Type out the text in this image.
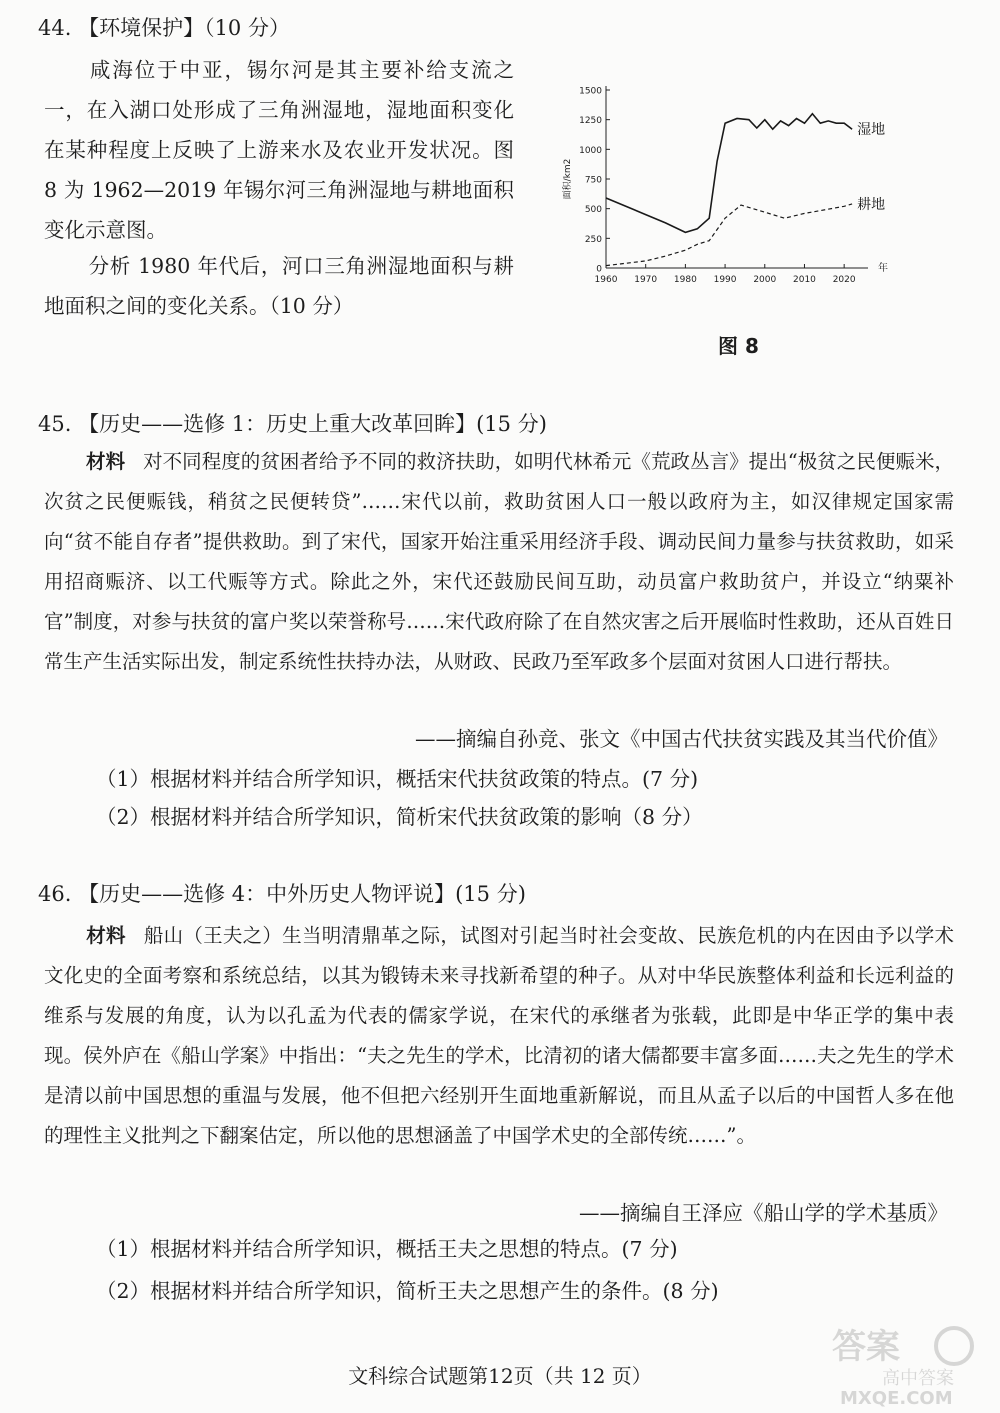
44. 【环境保护】（10 分）
咸海位于中亚，锡尔河是其主要补给支流之一，在入湖口处形成了三角洲湿地，湿地面积变化在某种程度上反映了上游来水及农业开发状况。图 8 为 1962—2019 年锡尔河三角洲湿地与耕地面积变化示意图。
分析 1980 年代后，河口三角洲湿地面积与耕地面积之间的变化关系。（10 分）
0
250
500
750
1000
1250
1500
1960 1970 1980 1990 2000 2010 2020
年
面积/km2
湿地
耕地
图 8
45. 【历史——选修 1：历史上重大改革回眸】(15 分)
材料 对不同程度的贫困者给予不同的救济扶助，如明代林希元《荒政丛言》提出“极贫之民便赈米，次贫之民便赈钱，稍贫之民便转贷”……宋代以前，救助贫困人口一般以政府为主，如汉律规定国家需向“贫不能自存者”提供救助。到了宋代，国家开始注重采用经济手段、调动民间力量参与扶贫救助，如采用招商赈济、以工代赈等方式。除此之外，宋代还鼓励民间互助，动员富户救助贫户，并设立“纳粟补官”制度，对参与扶贫的富户奖以荣誉称号……宋代政府除了在自然灾害之后开展临时性救助，还从百姓日常生产生活实际出发，制定系统性扶持办法，从财政、民政乃至军政多个层面对贫困人口进行帮扶。
——摘编自孙竞、张文《中国古代扶贫实践及其当代价值》
（1）根据材料并结合所学知识，概括宋代扶贫政策的特点。(7 分)
（2）根据材料并结合所学知识，简析宋代扶贫政策的影响（8 分）
46. 【历史——选修 4：中外历史人物评说】(15 分)
材料 船山（王夫之）生当明清鼎革之际，试图对引起当时社会变故、民族危机的内在因由予以学术文化史的全面考察和系统总结，以其为锻铸未来寻找新希望的种子。从对中华民族整体利益和长远利益的维系与发展的角度，认为以孔孟为代表的儒家学说，在宋代的承继者为张载，此即是中华正学的集中表现。侯外庐在《船山学案》中指出：“夫之先生的学术，比清初的诸大儒都要丰富多面……夫之先生的学术是清以前中国思想的重温与发展，他不但把六经别开生面地重新解说，而且从孟子以后的中国哲人多在他的理性主义批判之下翻案估定，所以他的思想涵盖了中国学术史的全部传统……”。
——摘编自王泽应《船山学的学术基质》
（1）根据材料并结合所学知识，概括王夫之思想的特点。(7 分)
（2）根据材料并结合所学知识，简析王夫之思想产生的条件。(8 分)
文科综合试题第12页（共 12 页）
答案
高中答案
MXQE.COM
